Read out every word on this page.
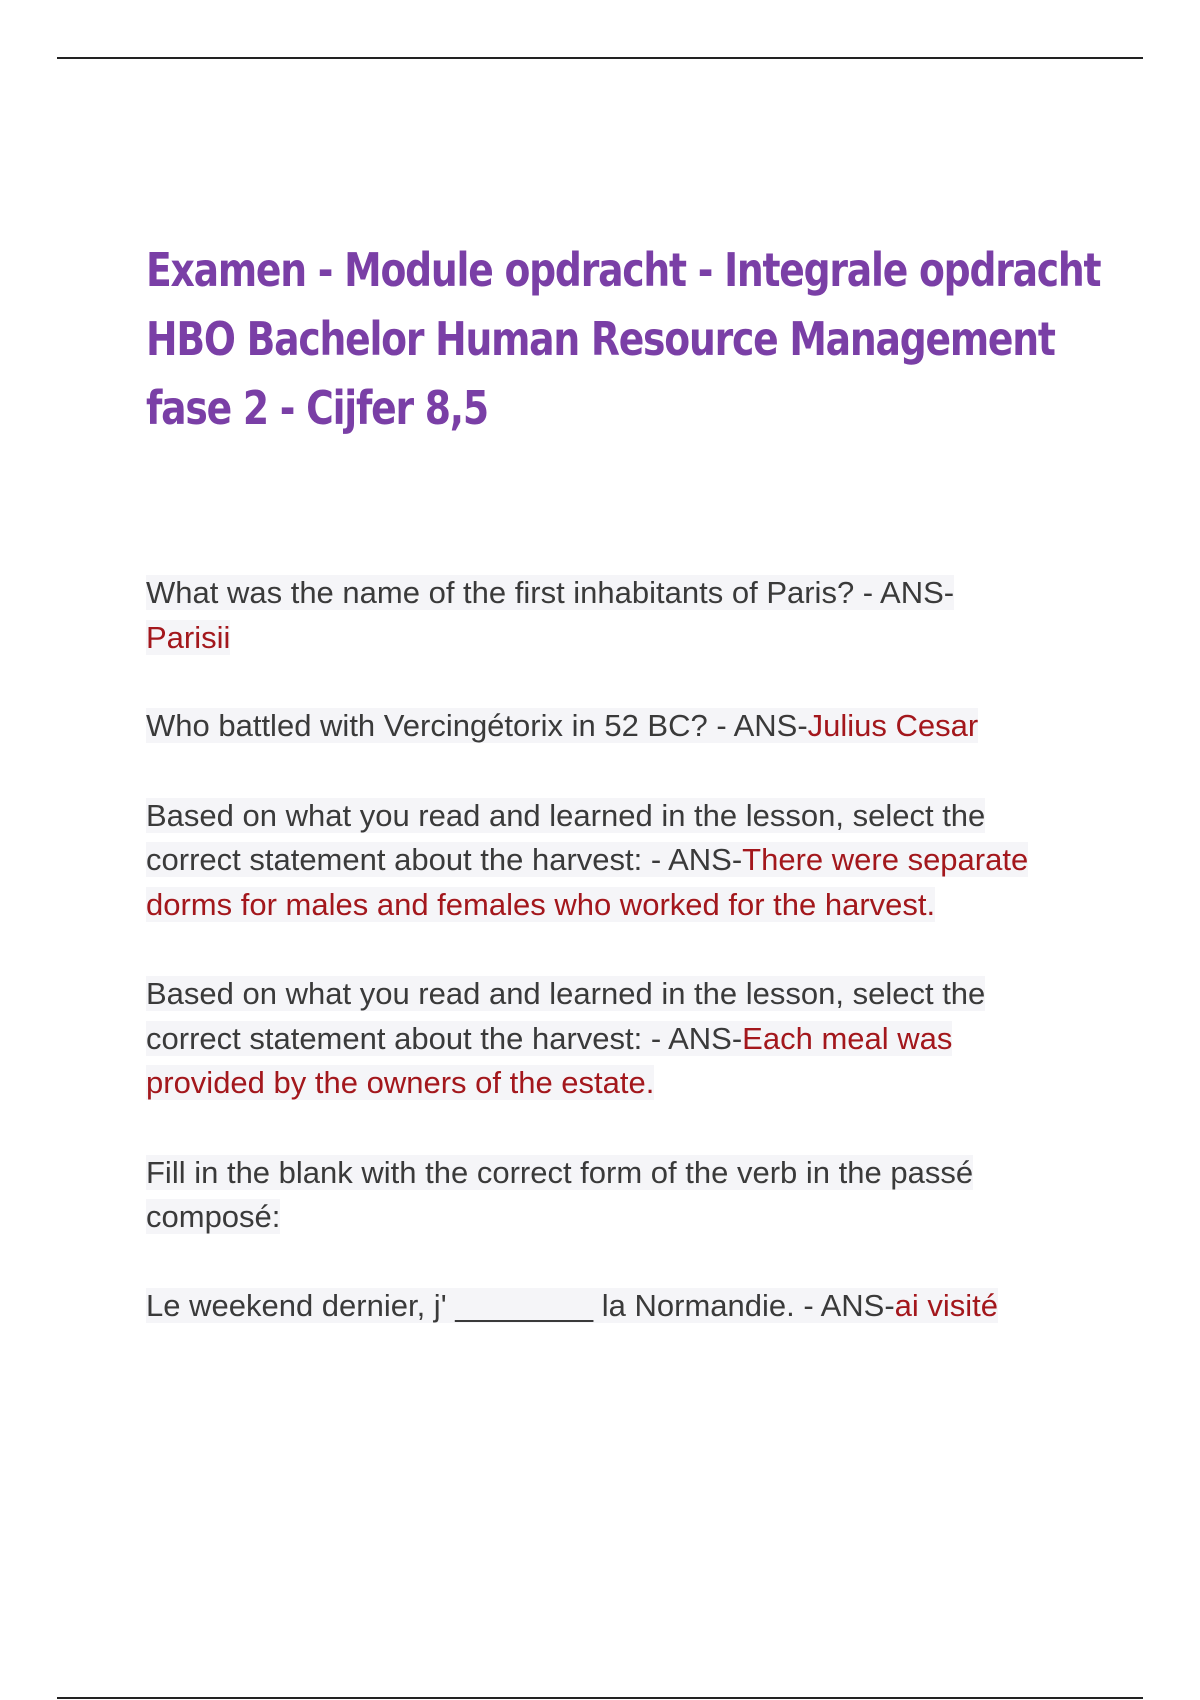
Examen - Module opdracht - Integrale opdracht
HBO Bachelor Human Resource Management
fase 2 - Cijfer 8,5
What was the name of the first inhabitants of Paris? - ANS-
Parisii
Who battled with Vercingétorix in 52 BC? - ANS-Julius Cesar
Based on what you read and learned in the lesson, select the
correct statement about the harvest: - ANS-There were separate
dorms for males and females who worked for the harvest.
Based on what you read and learned in the lesson, select the
correct statement about the harvest: - ANS-Each meal was
provided by the owners of the estate.
Fill in the blank with the correct form of the verb in the passé
composé:
Le weekend dernier, j' ________ la Normandie. - ANS-ai visité
